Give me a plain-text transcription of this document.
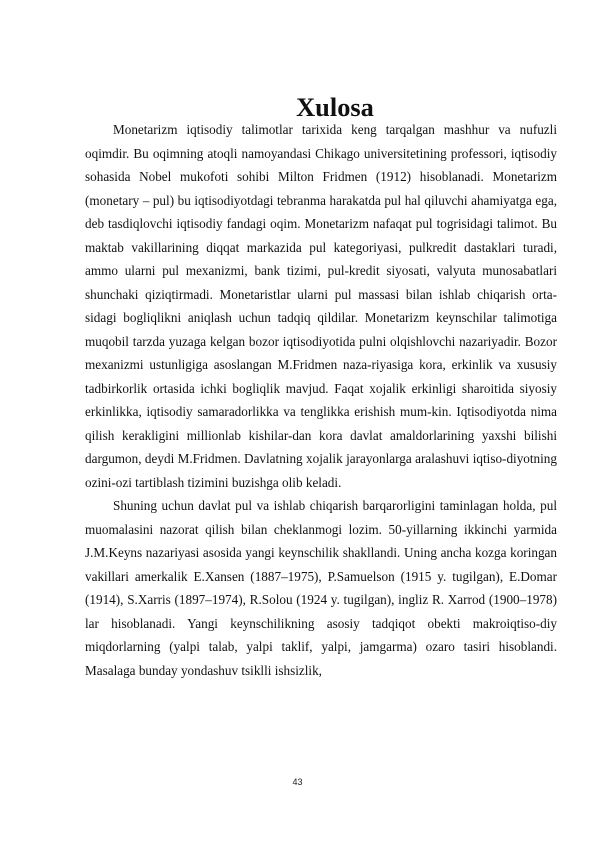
Xulosa

Monetarizm iqtisodiy talimotlar tarixida keng tarqalgan mashhur va nufuzli oqimdir. Bu oqimning atoqli namoyandasi Chikago universitetining professori, iqtisodiy sohasida Nobel mukofoti sohibi Milton Fridmen (1912) hisoblanadi. Monetarizm (monetary – pul) bu iqtisodiyotdagi tebranma harakatda pul hal qiluvchi ahamiyatga ega, deb tasdiqlovchi iqtisodiy fandagi oqim. Monetarizm nafaqat pul togrisidagi talimot. Bu maktab vakillarining diqqat markazida pul kategoriyasi, pulkredit dastaklari turadi, ammo ularni pul mexanizmi, bank tizimi, pul-kredit siyosati, valyuta munosabatlari shunchaki qiziqtirmadi. Monetaristlar ularni pul massasi bilan ishlab chiqarish orta-sidagi bogliqlikni aniqlash uchun tadqiq qildilar. Monetarizm keynschilar talimotiga muqobil tarzda yuzaga kelgan bozor iqtisodiyotida pulni olqishlovchi nazariyadir. Bozor mexanizmi ustunligiga asoslangan M.Fridmen naza-riyasiga kora, erkinlik va xususiy tadbirkorlik ortasida ichki bogliqlik mavjud. Faqat xojalik erkinligi sharoitida siyosiy erkinlikka, iqtisodiy samaradorlikka va tenglikka erishish mum-kin. Iqtisodiyotda nima qilish kerakligini millionlab kishilar-dan kora davlat amaldorlarining yaxshi bilishi dargumon, deydi M.Fridmen. Davlatning xojalik jarayonlarga aralashuvi iqtiso-diyotning ozini-ozi tartiblash tizimini buzishga olib keladi.

Shuning uchun davlat pul va ishlab chiqarish barqarorligini taminlagan holda, pul muomalasini nazorat qilish bilan cheklanmogi lozim. 50-yillarning ikkinchi yarmida J.M.Keyns nazariyasi asosida yangi keynschilik shakllandi. Uning ancha kozga koringan vakillari amerkalik E.Xansen (1887–1975), P.Samuelson (1915 y. tugilgan), E.Domar (1914), S.Xarris (1897–1974), R.Solou (1924 y. tugilgan), ingliz R. Xarrod (1900–1978) lar hisoblanadi. Yangi keynschilikning asosiy tadqiqot obekti makroiqtiso-diy miqdorlarning (yalpi talab, yalpi taklif, yalpi, jamgarma) ozaro tasiri hisoblandi. Masalaga bunday yondashuv tsiklli ishsizlik,

43
